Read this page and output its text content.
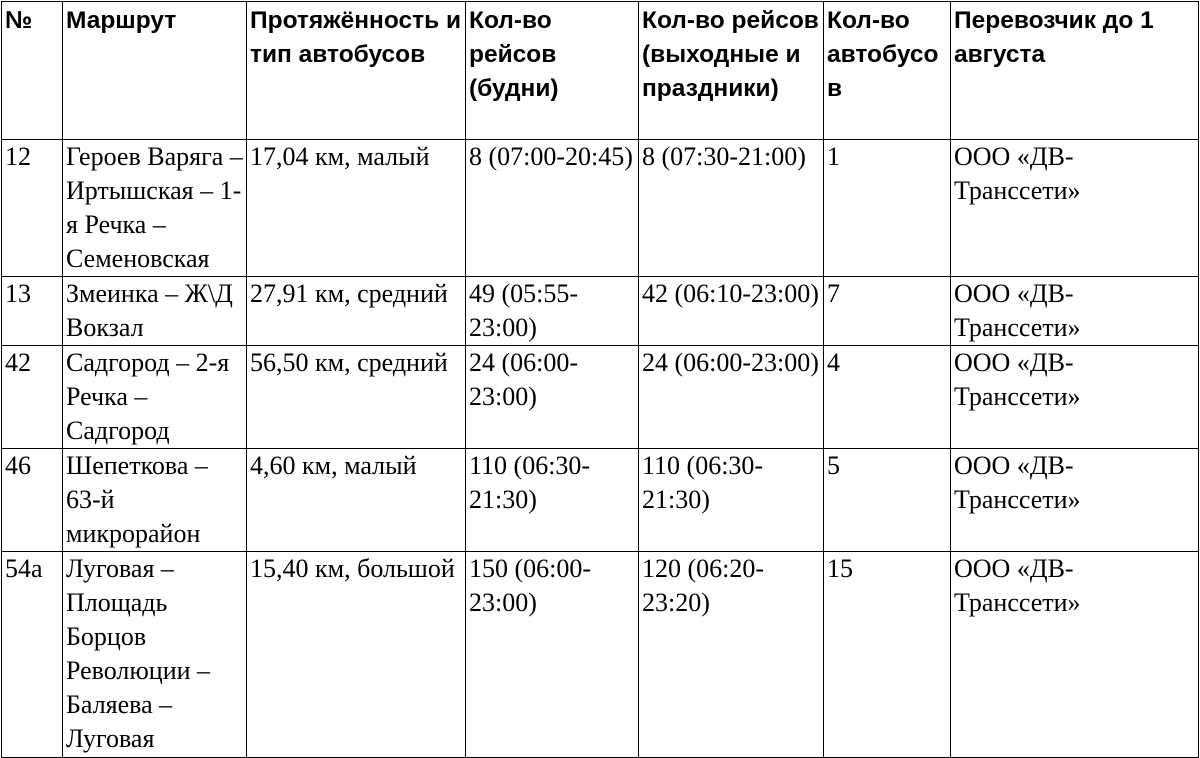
№	Маршрут	Протяжённость и тип автобусов	Кол-во рейсов (будни)	Кол-во рейсов (выходные и праздники)	Кол-во автобусов	Перевозчик до 1 августа
12	Героев Варяга – Иртышская – 1-я Речка – Семеновская	17,04 км, малый	8 (07:00-20:45)	8 (07:30-21:00)	1	ООО «ДВ-Транссети»
13	Змеинка – Ж\Д Вокзал	27,91 км, средний	49 (05:55-23:00)	42 (06:10-23:00)	7	ООО «ДВ-Транссети»
42	Садгород – 2-я Речка – Садгород	56,50 км, средний	24 (06:00-23:00)	24 (06:00-23:00)	4	ООО «ДВ-Транссети»
46	Шепеткова – 63-й микрорайон	4,60 км, малый	110 (06:30-21:30)	110 (06:30-21:30)	5	ООО «ДВ-Транссети»
54а	Луговая – Площадь Борцов Революции – Баляева – Луговая	15,40 км, большой	150 (06:00-23:00)	120 (06:20-23:20)	15	ООО «ДВ-Транссети»
